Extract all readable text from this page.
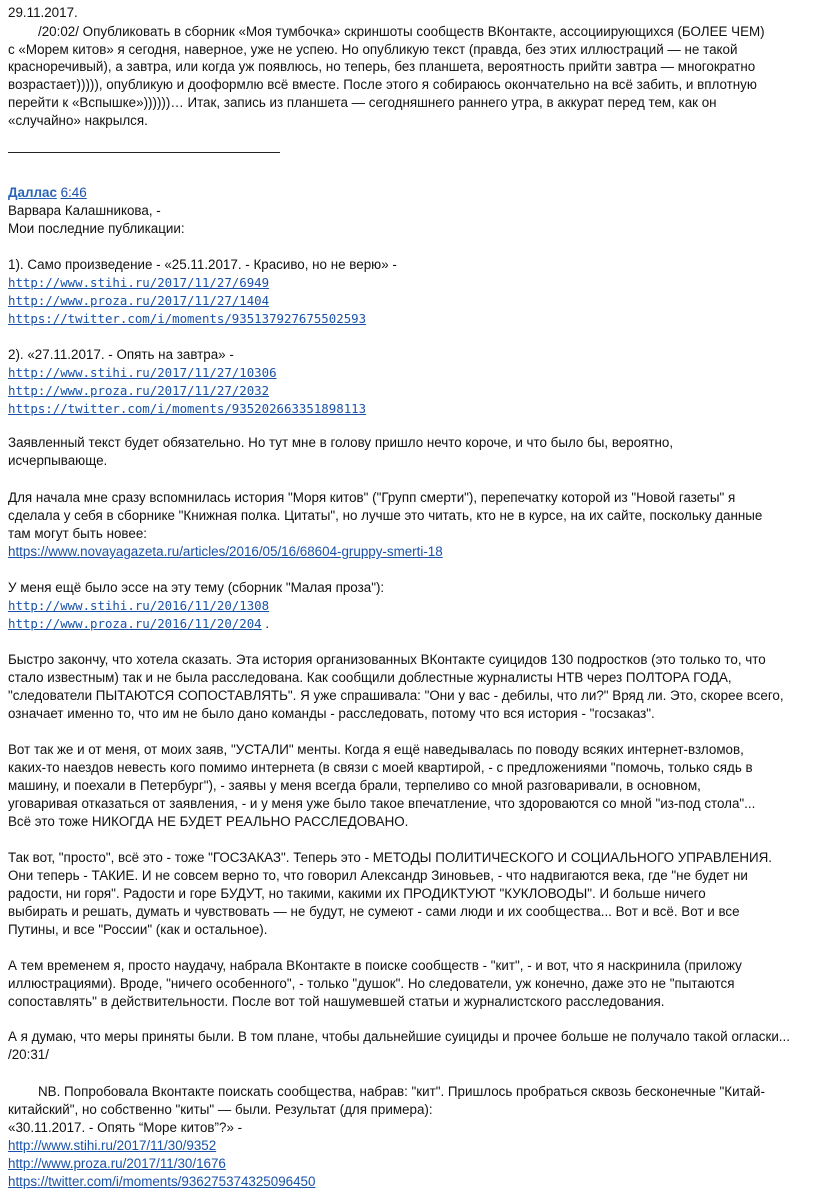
29.11.2017.
/20:02/ Опубликовать в сборник «Моя тумбочка» скриншоты сообществ ВКонтакте, ассоциирующихся (БОЛЕЕ ЧЕМ)
с «Морем китов» я сегодня, наверное, уже не успею. Но опубликую текст (правда, без этих иллюстраций — не такой
красноречивый), а завтра, или когда уж появлюсь, но теперь, без планшета, вероятность прийти завтра — многократно
возрастает))))), опубликую и дооформлю всё вместе. После этого я собираюсь окончательно на всё забить, и вплотную
перейти к «Вспышке»))))))… Итак, запись из планшета — сегодняшнего раннего утра, в аккурат перед тем, как он
«случайно» накрылся.
Даллас 6:46
Варвара Калашникова, -
Мои последние публикации:
1). Само произведение - «25.11.2017. - Красиво, но не верю» -
http://www.stihi.ru/2017/11/27/6949
http://www.proza.ru/2017/11/27/1404
https://twitter.com/i/moments/935137927675502593
2). «27.11.2017. - Опять на завтра» -
http://www.stihi.ru/2017/11/27/10306
http://www.proza.ru/2017/11/27/2032
https://twitter.com/i/moments/935202663351898113
Заявленный текст будет обязательно. Но тут мне в голову пришло нечто короче, и что было бы, вероятно,
исчерпывающе.
Для начала мне сразу вспомнилась история "Моря китов" ("Групп смерти"), перепечатку которой из "Новой газеты" я
сделала у себя в сборнике "Книжная полка. Цитаты", но лучше это читать, кто не в курсе, на их сайте, поскольку данные
там могут быть новее:
https://www.novayagazeta.ru/articles/2016/05/16/68604-gruppy-smerti-18
У меня ещё было эссе на эту тему (сборник "Малая проза"):
http://www.stihi.ru/2016/11/20/1308
http://www.proza.ru/2016/11/20/204 .
Быстро закончу, что хотела сказать. Эта история организованных ВКонтакте суицидов 130 подростков (это только то, что
стало известным) так и не была расследована. Как сообщили доблестные журналисты НТВ через ПОЛТОРА ГОДА,
"следователи ПЫТАЮТСЯ СОПОСТАВЛЯТЬ". Я уже спрашивала: "Они у вас - дебилы, что ли?" Вряд ли. Это, скорее всего,
означает именно то, что им не было дано команды - расследовать, потому что вся история - "госзаказ".
Вот так же и от меня, от моих заяв, "УСТАЛИ" менты. Когда я ещё наведывалась по поводу всяких интернет-взломов,
каких-то наездов невесть кого помимо интернета (в связи с моей квартирой, - с предложениями "помочь, только сядь в
машину, и поехали в Петербург"), - заявы у меня всегда брали, терпеливо со мной разговаривали, в основном,
уговаривая отказаться от заявления, - и у меня уже было такое впечатление, что здороваются со мной "из-под стола"...
Всё это тоже НИКОГДА НЕ БУДЕТ РЕАЛЬНО РАССЛЕДОВАНО.
Так вот, "просто", всё это - тоже "ГОСЗАКАЗ". Теперь это - МЕТОДЫ ПОЛИТИЧЕСКОГО И СОЦИАЛЬНОГО УПРАВЛЕНИЯ.
Они теперь - ТАКИЕ. И не совсем верно то, что говорил Александр Зиновьев, - что надвигаются века, где "не будет ни
радости, ни горя". Радости и горе БУДУТ, но такими, какими их ПРОДИКТУЮТ "КУКЛОВОДЫ". И больше ничего
выбирать и решать, думать и чувствовать — не будут, не сумеют - сами люди и их сообщества... Вот и всё. Вот и все
Путины, и все "России" (как и остальное).
А тем временем я, просто наудачу, набрала ВКонтакте в поиске сообществ - "кит", - и вот, что я наскринила (приложу
иллюстрациями). Вроде, "ничего особенного", - только "душок". Но следователи, уж конечно, даже это не "пытаются
сопоставлять" в действительности. После вот той нашумевшей статьи и журналистского расследования.
А я думаю, что меры приняты были. В том плане, чтобы дальнейшие суициды и прочее больше не получало такой огласки...
/20:31/
NB. Попробовала Вконтакте поискать сообщества, набрав: "кит". Пришлось пробраться сквозь бесконечные "Китай-
китайский", но собственно "киты" — были. Результат (для примера):
«30.11.2017. - Опять “Море китов”?» -
http://www.stihi.ru/2017/11/30/9352
http://www.proza.ru/2017/11/30/1676
https://twitter.com/i/moments/936275374325096450
